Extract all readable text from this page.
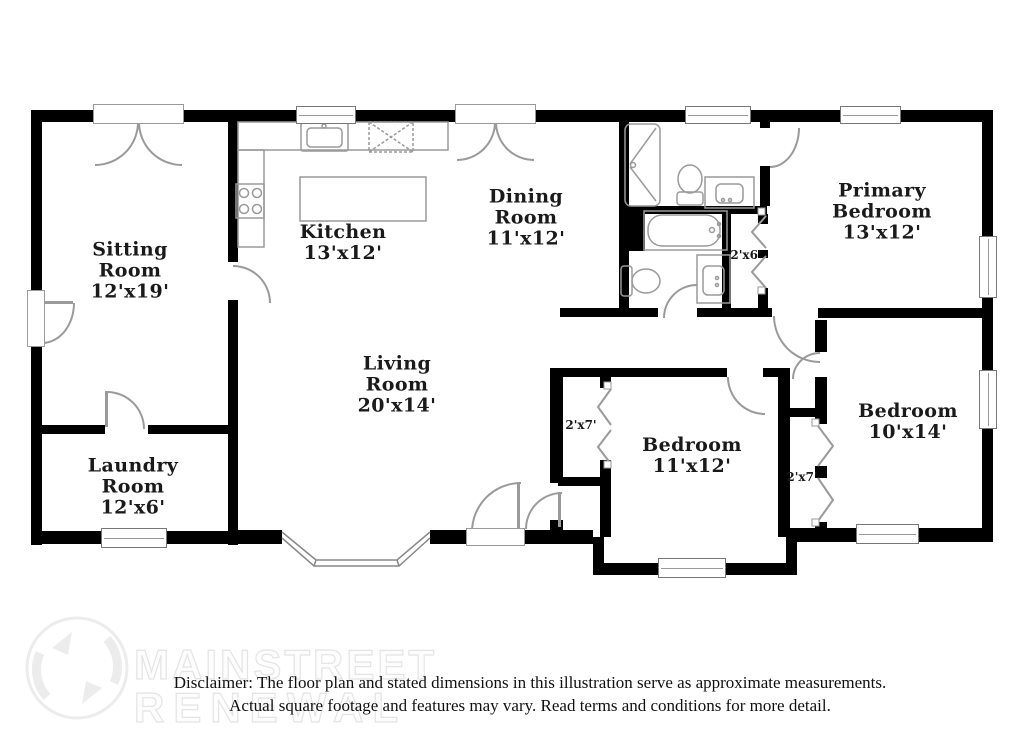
MAINSTREET
RENEWAL
Sitting Room
12'x19'
Kitchen
13'x12'
Dining Room
11'x12'
Primary Bedroom
13'x12'
Living Room
20'x14'
Laundry Room
12'x6'
Bedroom
11'x12'
Bedroom
10'x14'
2'x6'
2'x7'
2'x7'
Disclaimer: The floor plan and stated dimensions in this illustration serve as approximate measurements.
Actual square footage and features may vary. Read terms and conditions for more detail.
